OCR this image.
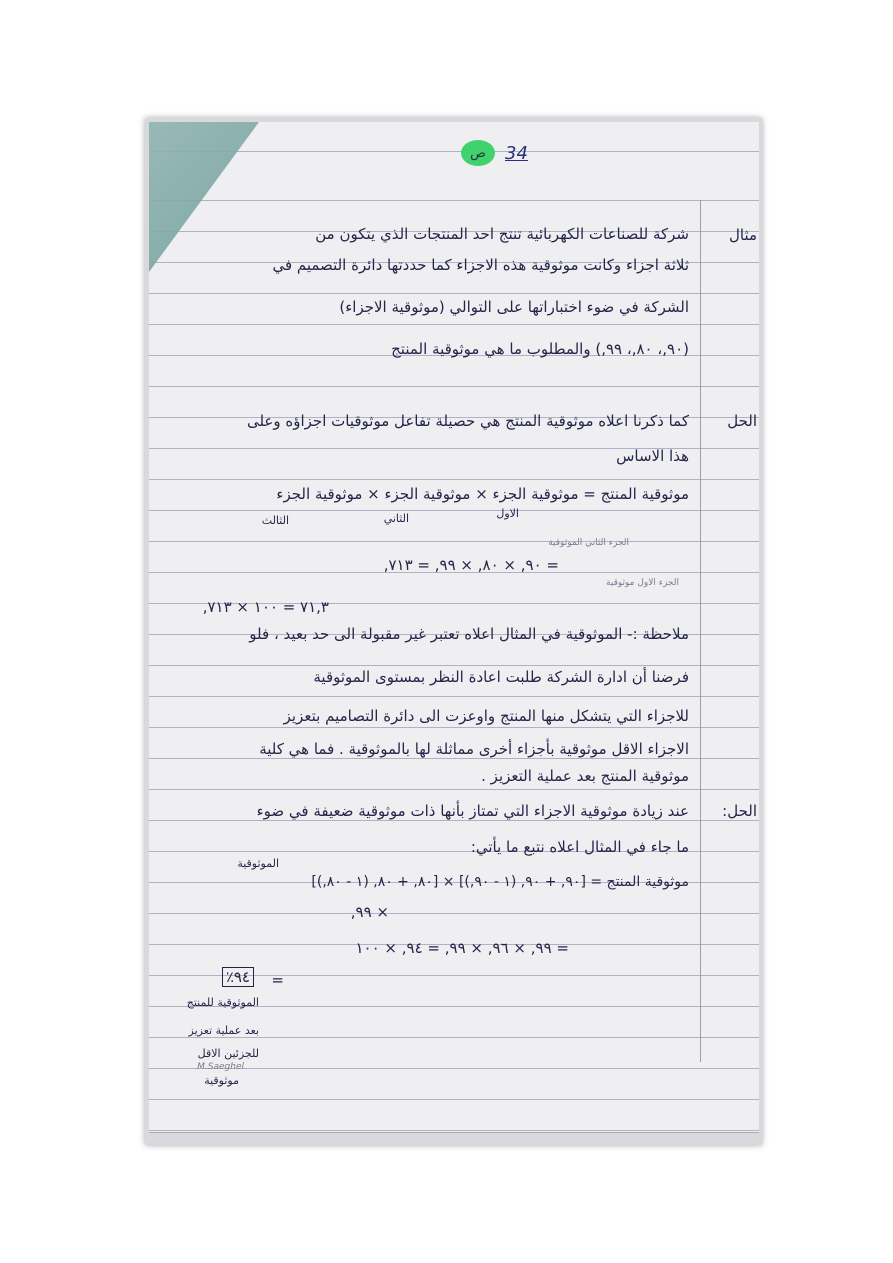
ص	34
مثال
الحل
الحل:
شركة للصناعات الكهربائية تنتج احد المنتجات الذي يتكون من
ثلاثة اجزاء وكانت موثوقية هذه الاجزاء كما حددتها دائرة التصميم في
الشركة في ضوء اختباراتها على التوالي (موثوقية الاجزاء)
(٩٠,، ٨٠,، ٩٩,) والمطلوب ما هي موثوقية المنتج
كما ذكرنا اعلاه موثوقية المنتج هي حصيلة تفاعل موثوقيات اجزاؤه وعلى
هذا الاساس
موثوقية المنتج = موثوقية الجزء × موثوقية الجزء × موثوقية الجزء
الاول
الثاني
الثالث
الجزء الثاني الموثوقية
= ٩٠, × ٨٠, × ٩٩, = ٧١٣,
الجزء الاول موثوقية
٧١,٣ = ١٠٠ × ٧١٣,
ملاحظة :- الموثوقية في المثال اعلاه تعتبر غير مقبولة الى حد بعيد ، فلو
فرضنا أن ادارة الشركة طلبت اعادة النظر بمستوى الموثوقية
للاجزاء التي يتشكل منها المنتج واوعزت الى دائرة التصاميم بتعزيز
الاجزاء الاقل موثوقية بأجزاء أخرى مماثلة لها بالموثوقية . فما هي كلية
موثوقية المنتج بعد عملية التعزيز .
عند زيادة موثوقية الاجزاء التي تمتاز بأنها ذات موثوقية ضعيفة في ضوء
ما جاء في المثال اعلاه نتبع ما يأتي:
الموثوقية
موثوقية المنتج = [٩٠, + ٩٠, (١ - ٩٠,)] × [٨٠, + ٨٠, (١ - ٨٠,)]
× ٩٩,
= ٩٩, × ٩٦, × ٩٩, = ٩٤, × ١٠٠
=
٩٤٪
الموثوقية للمنتج
بعد عملية تعزيز
للجزئين الاقل
M.Saeghel
موثوقية
